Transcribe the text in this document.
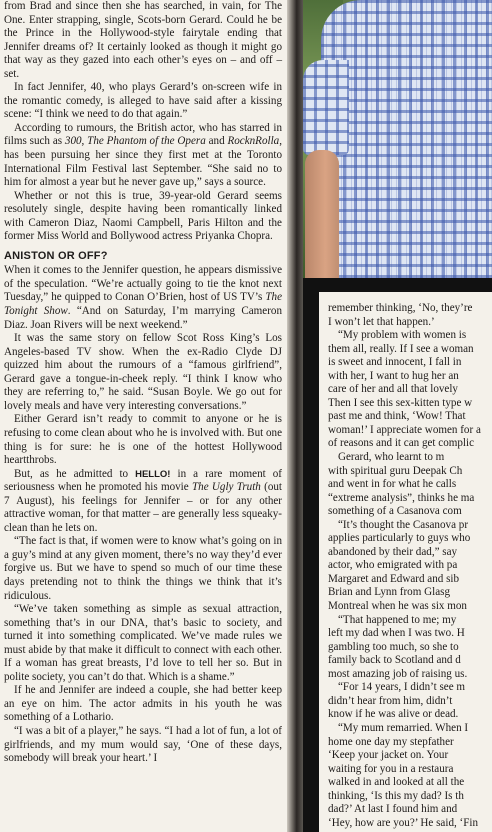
from Brad and since then she has searched, in vain, for The One. Enter strapping, single, Scots-born Gerard. Could he be the Prince in the Hollywood-style fairytale ending that Jennifer dreams of? It certainly looked as though it might go that way as they gazed into each other’s eyes on – and off – set.

In fact Jennifer, 40, who plays Gerard’s on-screen wife in the romantic comedy, is alleged to have said after a kissing scene: “I think we need to do that again.”

According to rumours, the British actor, who has starred in films such as 300, The Phantom of the Opera and RocknRolla, has been pursuing her since they first met at the Toronto International Film Festival last September. “She said no to him for almost a year but he never gave up,” says a source.

Whether or not this is true, 39-year-old Gerard seems resolutely single, despite having been romantically linked with Cameron Diaz, Naomi Campbell, Paris Hilton and the former Miss World and Bollywood actress Priyanka Chopra.

ANISTON OR OFF?

When it comes to the Jennifer question, he appears dismissive of the speculation. “We’re actually going to tie the knot next Tuesday,” he quipped to Conan O’Brien, host of US TV’s The Tonight Show. “And on Saturday, I’m marrying Cameron Diaz. Joan Rivers will be next weekend.”

It was the same story on fellow Scot Ross King’s Los Angeles-based TV show. When the ex-Radio Clyde DJ quizzed him about the rumours of a “famous girlfriend”, Gerard gave a tongue-in-cheek reply. “I think I know who they are referring to,” he said. “Susan Boyle. We go out for lovely meals and have very interesting conversations.”

Either Gerard isn’t ready to commit to anyone or he is refusing to come clean about who he is involved with. But one thing is for sure: he is one of the hottest Hollywood heartthrobs.

But, as he admitted to HELLO! in a rare moment of seriousness when he promoted his movie The Ugly Truth (out 7 August), his feelings for Jennifer – or for any other attractive woman, for that matter – are generally less squeaky-clean than he lets on.

“The fact is that, if women were to know what’s going on in a guy’s mind at any given moment, there’s no way they’d ever forgive us. But we have to spend so much of our time these days pretending not to think the things we think that it’s ridiculous.

“We’ve taken something as simple as sexual attraction, something that’s in our DNA, that’s basic to society, and turned it into something complicated. We’ve made rules we must abide by that make it difficult to connect with each other. If a woman has great breasts, I’d love to tell her so. But in polite society, you can’t do that. Which is a shame.”

If he and Jennifer are indeed a couple, she had better keep an eye on him. The actor admits in his youth he was something of a Lothario.

“I was a bit of a player,” he says. “I had a lot of fun, a lot of girlfriends, and my mum would say, ‘One of these days, somebody will break your heart.’ I

remember thinking, ‘No, they’re
I won’t let that happen.’
“My problem with women is
them all, really. If I see a woman
is sweet and innocent, I fall in
with her, I want to hug her an
care of her and all that lovely
Then I see this sex-kitten type w
past me and think, ‘Wow! That
woman!’ I appreciate women for a
of reasons and it can get complic
Gerard, who learnt to m
with spiritual guru Deepak Ch
and went in for what he calls
“extreme analysis”, thinks he ma
something of a Casanova com
“It’s thought the Casanova pr
applies particularly to guys who
abandoned by their dad,” say
actor, who emigrated with pa
Margaret and Edward and sib
Brian and Lynn from Glasg
Montreal when he was six mon
“That happened to me; my
left my dad when I was two. H
gambling too much, so she to
family back to Scotland and d
most amazing job of raising us.
“For 14 years, I didn’t see m
didn’t hear from him, didn’t
know if he was alive or dead.
“My mum remarried. When I
home one day my stepfather
‘Keep your jacket on. Your
waiting for you in a restaura
walked in and looked at all the
thinking, ‘Is this my dad? Is th
dad?’ At last I found him and
‘Hey, how are you?’ He said, ‘Fin
